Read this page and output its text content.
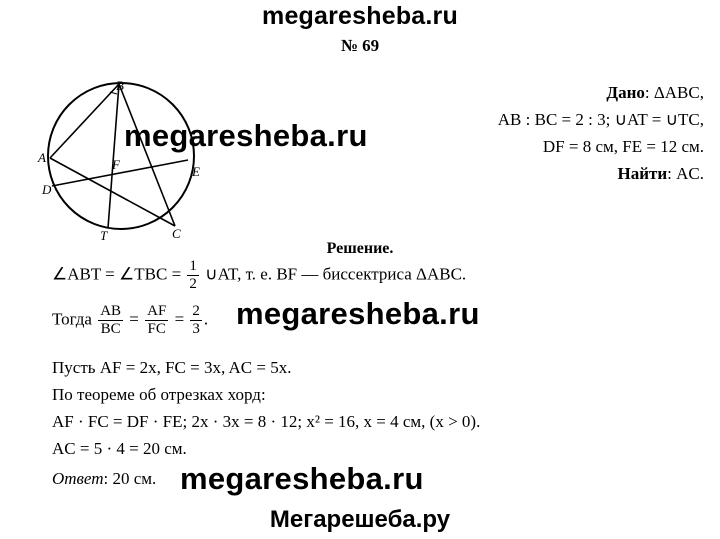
megaresheba.ru
№ 69
B
A
D
E
F
C
T
megaresheba.ru
Дано: ΔABC,
AB : BC = 2 : 3; ∪AT = ∪TC,
DF = 8 см, FE = 12 см.
Найти: AC.
Решение.
∠ABT = ∠TBC = $\frac{1}{2}$ ∪AT, т. е. BF — биссектриса ΔABC.
Тогда $\frac{AB}{BC} = \frac{AF}{FC} = \frac{2}{3}$ . megaresheba.ru
Пусть AF = 2x, FC = 3x, AC = 5x.
По теореме об отрезках хорд:
AF · FC = DF · FE; 2x · 3x = 8 · 12; x² = 16, x = 4 см, (x > 0).
AC = 5 · 4 = 20 см.
Ответ: 20 см. megaresheba.ru
Мегарешеба.ру
